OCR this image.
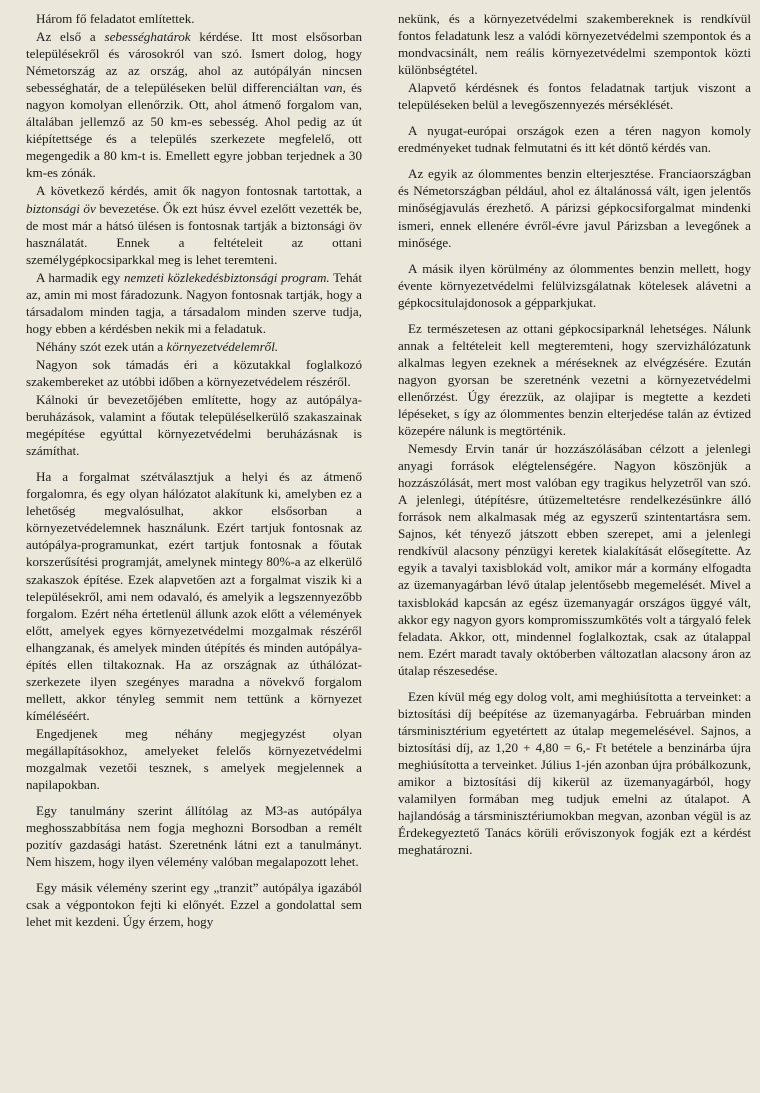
Három fő feladatot említettek.

Az első a sebességhatárok kérdése. Itt most elsősorban településekről és városokról van szó. Ismert dolog, hogy Németország az az ország, ahol az autópályán nincsen sebességhatár, de a településeken belül differenciáltan van, és nagyon komolyan ellenőrzik. Ott, ahol átmenő forgalom van, általában jellemző az 50 km-es sebesség. Ahol pedig az út kiépítettsége és a település szerkezete megfelelő, ott megengedik a 80 km-t is. Emellett egyre jobban terjednek a 30 km-es zónák.

A következő kérdés, amit ők nagyon fontosnak tartottak, a biztonsági öv bevezetése. Ők ezt húsz évvel ezelőtt vezették be, de most már a hátsó ülésen is fontosnak tartják a biztonsági öv használatát. Ennek a feltételeit az ottani személygépkocsiparkkal meg is lehet teremteni.

A harmadik egy nemzeti közlekedésbiztonsági program. Tehát az, amin mi most fáradozunk. Nagyon fontosnak tartják, hogy a társadalom minden tagja, a társadalom minden szerve tudja, hogy ebben a kérdésben nekik mi a feladatuk.

Néhány szót ezek után a környezetvédelemről.

Nagyon sok támadás éri a közutakkal foglalkozó szakembereket az utóbbi időben a környezetvédelem részéről.

Kálnoki úr bevezetőjében említette, hogy az autópálya-beruházások, valamint a főutak településelkerülő szakaszainak megépítése egyúttal környezetvédelmi beruházásnak is számíthat.

Ha a forgalmat szétválasztjuk a helyi és az átmenő forgalomra, és egy olyan hálózatot alakítunk ki, amelyben ez a lehetőség megvalósulhat, akkor elsősorban a környezetvédelemnek használunk. Ezért tartjuk fontosnak az autópálya-programunkat, ezért tartjuk fontosnak a főutak korszerűsítési programját, amelynek mintegy 80%-a az elkerülő szakaszok építése. Ezek alapvetően azt a forgalmat viszik ki a településekről, ami nem odavaló, és amelyik a legszennyezőbb forgalom. Ezért néha értetlenül állunk azok előtt a vélemények előtt, amelyek egyes környezetvédelmi mozgalmak részéről elhangzanak, és amelyek minden útépítés és minden autópálya-építés ellen tiltakoznak. Ha az országnak az úthálózat-szerkezete ilyen szegényes maradna a növekvő forgalom mellett, akkor tényleg semmit nem tettünk a környezet kíméléséért.

Engedjenek meg néhány megjegyzést olyan megállapításokhoz, amelyeket felelős környezetvédelmi mozgalmak vezetői tesznek, s amelyek megjelennek a napilapokban.

Egy tanulmány szerint állítólag az M3-as autópálya meghosszabbítása nem fogja meghozni Borsodban a remélt pozitív gazdasági hatást. Szeretnénk látni ezt a tanulmányt. Nem hiszem, hogy ilyen vélemény valóban megalapozott lehet.

Egy másik vélemény szerint egy „tranzit” autópálya igazából csak a végpontokon fejti ki előnyét. Ezzel a gondolattal sem lehet mit kezdeni. Úgy érzem, hogy

nekünk, és a környezetvédelmi szakembereknek is rendkívül fontos feladatunk lesz a valódi környezetvédelmi szempontok és a mondvacsinált, nem reális környezetvédelmi szempontok közti különbségtétel.

Alapvető kérdésnek és fontos feladatnak tartjuk viszont a településeken belül a levegőszennyezés mérséklését.

A nyugat-európai országok ezen a téren nagyon komoly eredményeket tudnak felmutatni és itt két döntő kérdés van.

Az egyik az ólommentes benzin elterjesztése. Franciaországban és Németországban például, ahol ez általánossá vált, igen jelentős minőségjavulás érezhető. A párizsi gépkocsiforgalmat mindenki ismeri, ennek ellenére évről-évre javul Párizsban a levegőnek a minősége.

A másik ilyen körülmény az ólommentes benzin mellett, hogy évente környezetvédelmi felülvizsgálatnak kötelesek alávetni a gépkocsitulajdonosok a gépparkjukat.

Ez természetesen az ottani gépkocsiparknál lehetséges. Nálunk annak a feltételeit kell megteremteni, hogy szervizhálózatunk alkalmas legyen ezeknek a méréseknek az elvégzésére. Ezután nagyon gyorsan be szeretnénk vezetni a környezetvédelmi ellenőrzést. Úgy érezzük, az olajipar is megtette a kezdeti lépéseket, s így az ólommentes benzin elterjedése talán az évtized közepére nálunk is megtörténik.

Nemesdy Ervin tanár úr hozzászólásában célzott a jelenlegi anyagi források elégtelenségére. Nagyon köszönjük a hozzászólását, mert most valóban egy tragikus helyzetről van szó. A jelenlegi, útépítésre, útüzemeltetésre rendelkezésünkre álló források nem alkalmasak még az egyszerű szintentartásra sem. Sajnos, két tényező játszott ebben szerepet, ami a jelenlegi rendkívül alacsony pénzügyi keretek kialakítását elősegítette. Az egyik a tavalyi taxisblokád volt, amikor már a kormány elfogadta az üzemanyagárban lévő útalap jelentősebb megemelését. Mivel a taxisblokád kapcsán az egész üzemanyagár országos üggyé vált, akkor egy nagyon gyors kompromisszumkötés volt a tárgyaló felek feladata. Akkor, ott, mindennel foglalkoztak, csak az útalappal nem. Ezért maradt tavaly októberben változatlan alacsony áron az útalap részesedése.

Ezen kívül még egy dolog volt, ami meghiúsította a terveinket: a biztosítási díj beépítése az üzemanyagárba. Februárban minden társminisztérium egyetértett az útalap megemelésével. Sajnos, a biztosítási díj, az 1,20 + 4,80 = 6,- Ft betétele a benzinárba újra meghiúsította a terveinket. Július 1-jén azonban újra próbálkozunk, amikor a biztosítási díj kikerül az üzemanyagárból, hogy valamilyen formában meg tudjuk emelni az útalapot. A hajlandóság a társminisztériumokban megvan, azonban végül is az Érdekegyeztető Tanács körüli erőviszonyok fogják ezt a kérdést meghatározni.
